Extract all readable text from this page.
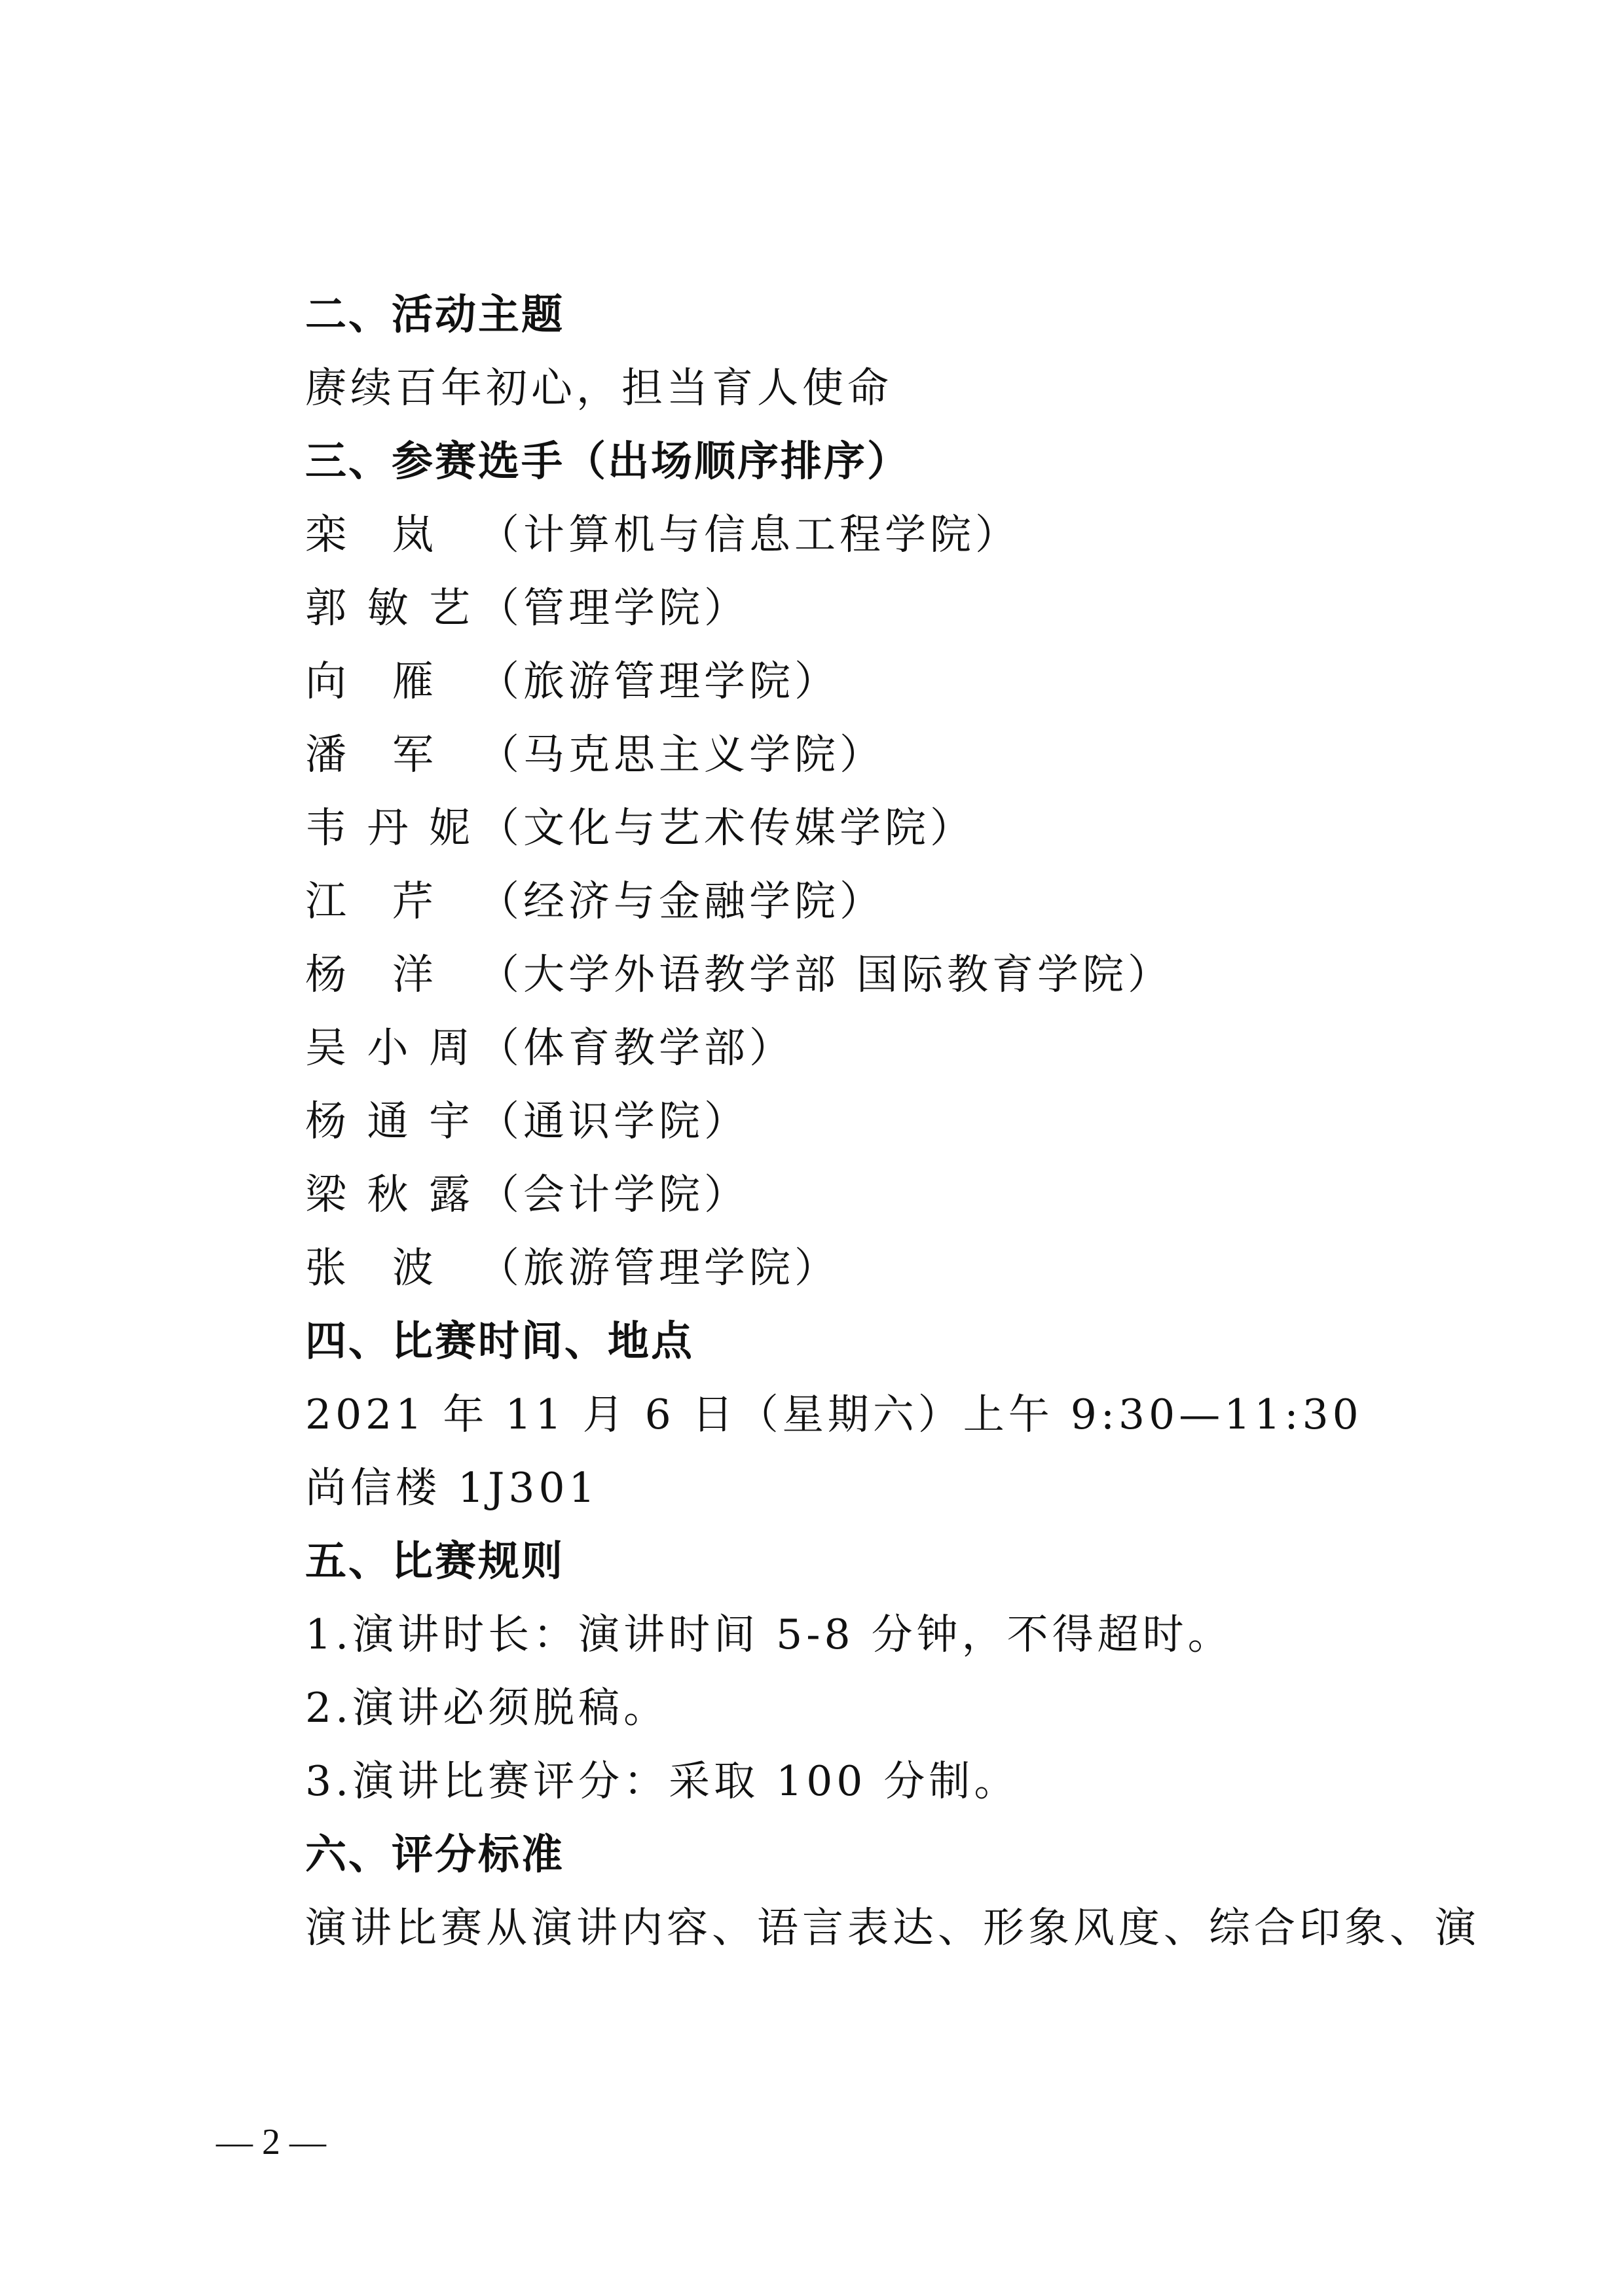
二、活动主题
赓续百年初心，担当育人使命
三、参赛选手（出场顺序排序）
栾 岚 （计算机与信息工程学院）
郭 敏 艺 （管理学院）
向 雁 （旅游管理学院）
潘 军 （马克思主义学院）
韦 丹 妮 （文化与艺术传媒学院）
江 芹 （经济与金融学院）
杨 洋 （大学外语教学部 国际教育学院）
吴 小 周 （体育教学部）
杨 通 宇 （通识学院）
梁 秋 露 （会计学院）
张 波 （旅游管理学院）
四、比赛时间、地点
2021 年 11 月 6 日（星期六）上午 9:30—11:30
尚信楼 1J301
五、比赛规则
1.演讲时长：演讲时间 5-8 分钟，不得超时。
2.演讲必须脱稿。
3.演讲比赛评分：采取 100 分制。
六、评分标准
演讲比赛从演讲内容、语言表达、形象风度、综合印象、演
— 2 —
